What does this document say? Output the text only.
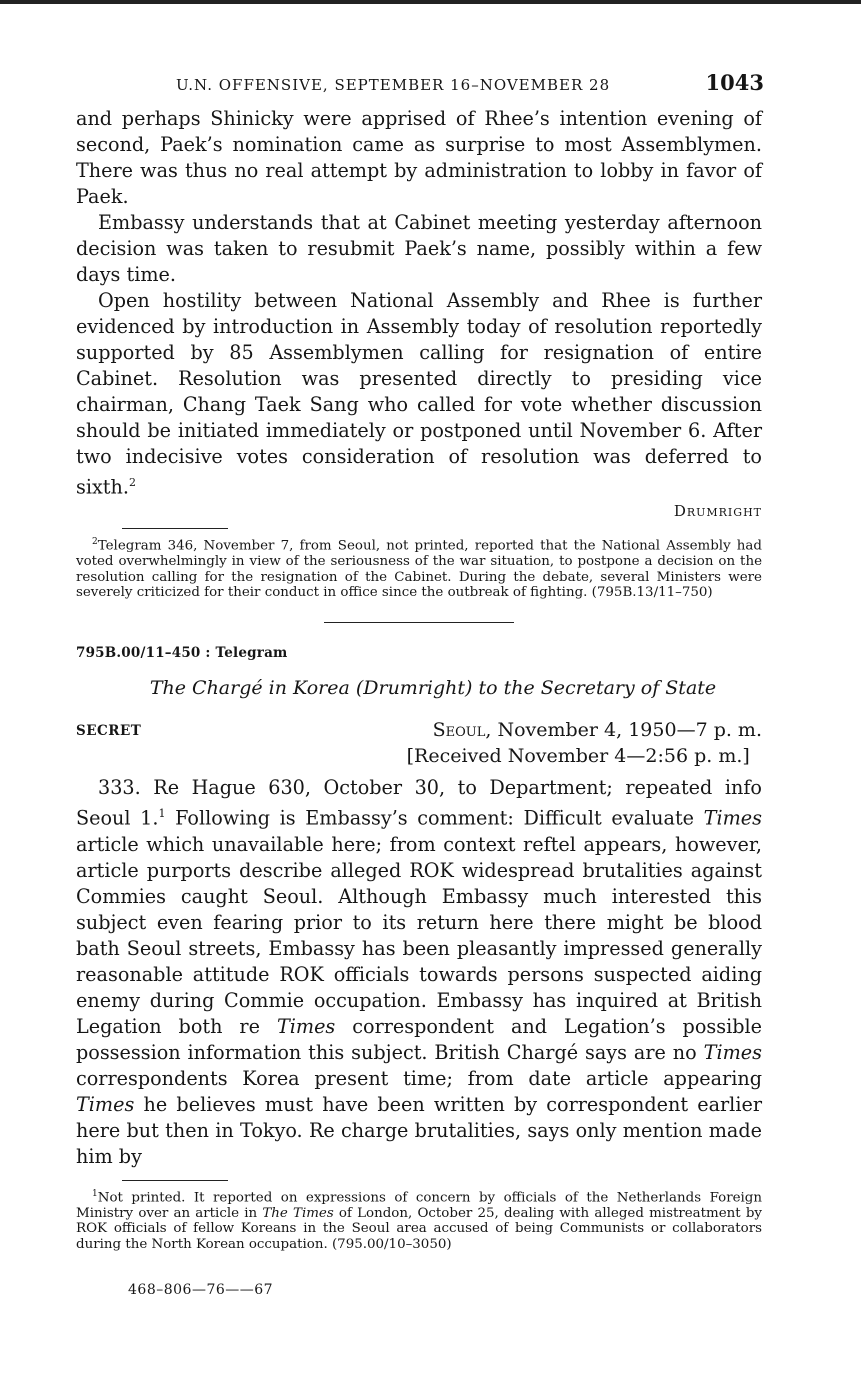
U.N. OFFENSIVE, SEPTEMBER 16–NOVEMBER 28	1043

and perhaps Shinicky were apprised of Rhee’s intention evening of second, Paek’s nomination came as surprise to most Assemblymen. There was thus no real attempt by administration to lobby in favor of Paek.

Embassy understands that at Cabinet meeting yesterday afternoon decision was taken to resubmit Paek’s name, possibly within a few days time.

Open hostility between National Assembly and Rhee is further evidenced by introduction in Assembly today of resolution reportedly supported by 85 Assemblymen calling for resignation of entire Cabinet. Resolution was presented directly to presiding vice chairman, Chang Taek Sang who called for vote whether discussion should be initiated immediately or postponed until November 6. After two indecisive votes consideration of resolution was deferred to sixth.$^2$

Drumright
$^2$Telegram 346, November 7, from Seoul, not printed, reported that the National Assembly had voted overwhelmingly in view of the seriousness of the war situation, to postpone a decision on the resolution calling for the resignation of the Cabinet. During the debate, several Ministers were severely criticized for their conduct in office since the outbreak of fighting. (795B.13/11–750)
795B.00/11–450 : Telegram
The Chargé in Korea (Drumright) to the Secretary of State
SECRET	Seoul, November 4, 1950—7 p. m.
[Received November 4—2:56 p. m.]

333. Re Hague 630, October 30, to Department; repeated info Seoul 1.$^1$ Following is Embassy’s comment: Difficult evaluate Times article which unavailable here; from context reftel appears, however, article purports describe alleged ROK widespread brutalities against Commies caught Seoul. Although Embassy much interested this subject even fearing prior to its return here there might be blood bath Seoul streets, Embassy has been pleasantly impressed generally reasonable attitude ROK officials towards persons suspected aiding enemy during Commie occupation. Embassy has inquired at British Legation both re Times correspondent and Legation’s possible possession information this subject. British Chargé says are no Times correspondents Korea present time; from date article appearing Times he believes must have been written by correspondent earlier here but then in Tokyo. Re charge brutalities, says only mention made him by

$^1$Not printed. It reported on expressions of concern by officials of the Netherlands Foreign Ministry over an article in The Times of London, October 25, dealing with alleged mistreatment by ROK officials of fellow Koreans in the Seoul area accused of being Communists or collaborators during the North Korean occupation. (795.00/10–3050)
468–806—76——67
